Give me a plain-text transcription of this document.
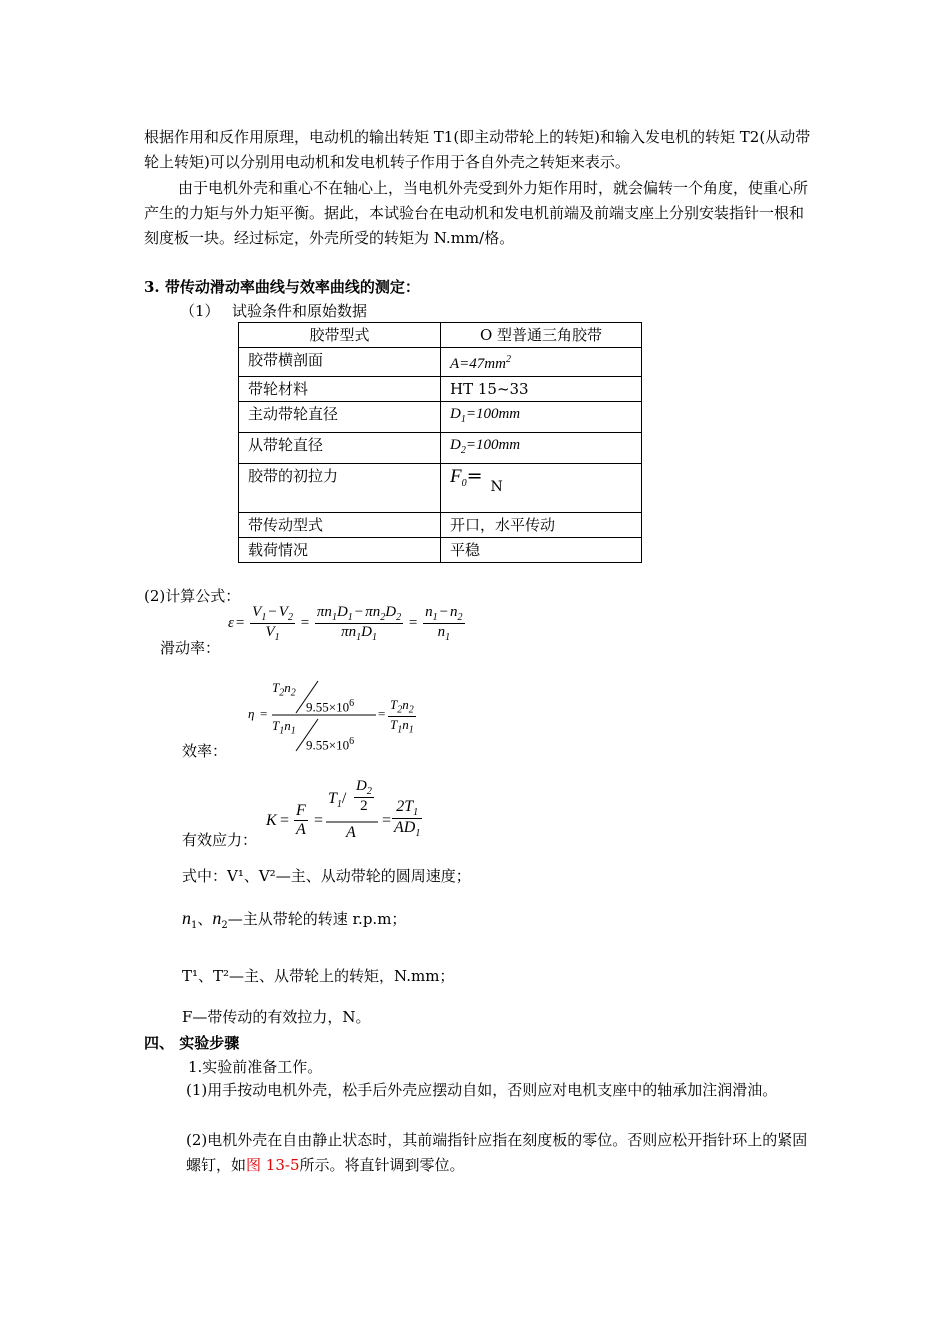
根据作用和反作用原理，电动机的输出转矩 T1(即主动带轮上的转矩)和输入发电机的转矩 T2(从动带轮上转矩)可以分别用电动机和发电机转子作用于各自外壳之转矩来表示。
由于电机外壳和重心不在轴心上，当电机外壳受到外力矩作用时，就会偏转一个角度，使重心所产生的力矩与外力矩平衡。据此，本试验台在电动机和发电机前端及前端支座上分别安装指针一根和刻度板一块。经过标定，外壳所受的转矩为 N.mm/格。
3. 带传动滑动率曲线与效率曲线的测定：
（1） 试验条件和原始数据
胶带型式	O 型普通三角胶带
胶带横剖面	$A=47mm^2$
带轮材料	HT 15~33
主动带轮直径	$D_1=100mm$
从带轮直径	$D_2=100mm$
胶带的初拉力	$F_0= N$
带传动型式	开口，水平传动
载荷情况	平稳
(2)计算公式：
滑动率：
$\varepsilon = \frac{V_1 - V_2}{V_1} = \frac{\pi n_1D_1 - \pi n_2D_2}{\pi n_1D_1} = \frac{n_1 - n_2}{n_1}$
效率：
η =
$T_2n_2$
$9.55\times 10^6$
$T_1n_1$
$9.55\times 10^6$
= $\frac{T_2n_2}{T_1n_1}$
有效应力：
$K = \frac{F}{A}$ =
$T_1/ \frac{D_2}{2}$
A
= $\frac{2T_1}{AD_1}$
式中：V¹、V²—主、从动带轮的圆周速度；
$n_1$、$n_2—$主从带轮的转速 r.p.m；
T¹、T²—主、从带轮上的转矩，N.mm；
F—带传动的有效拉力，N。
四、 实验步骤
1.实验前准备工作。
(1)用手按动电机外壳，松手后外壳应摆动自如，否则应对电机支座中的轴承加注润滑油。
(2)电机外壳在自由静止状态时，其前端指针应指在刻度板的零位。否则应松开指针环上的紧固螺钉，如图 13-5所示。将直针调到零位。
